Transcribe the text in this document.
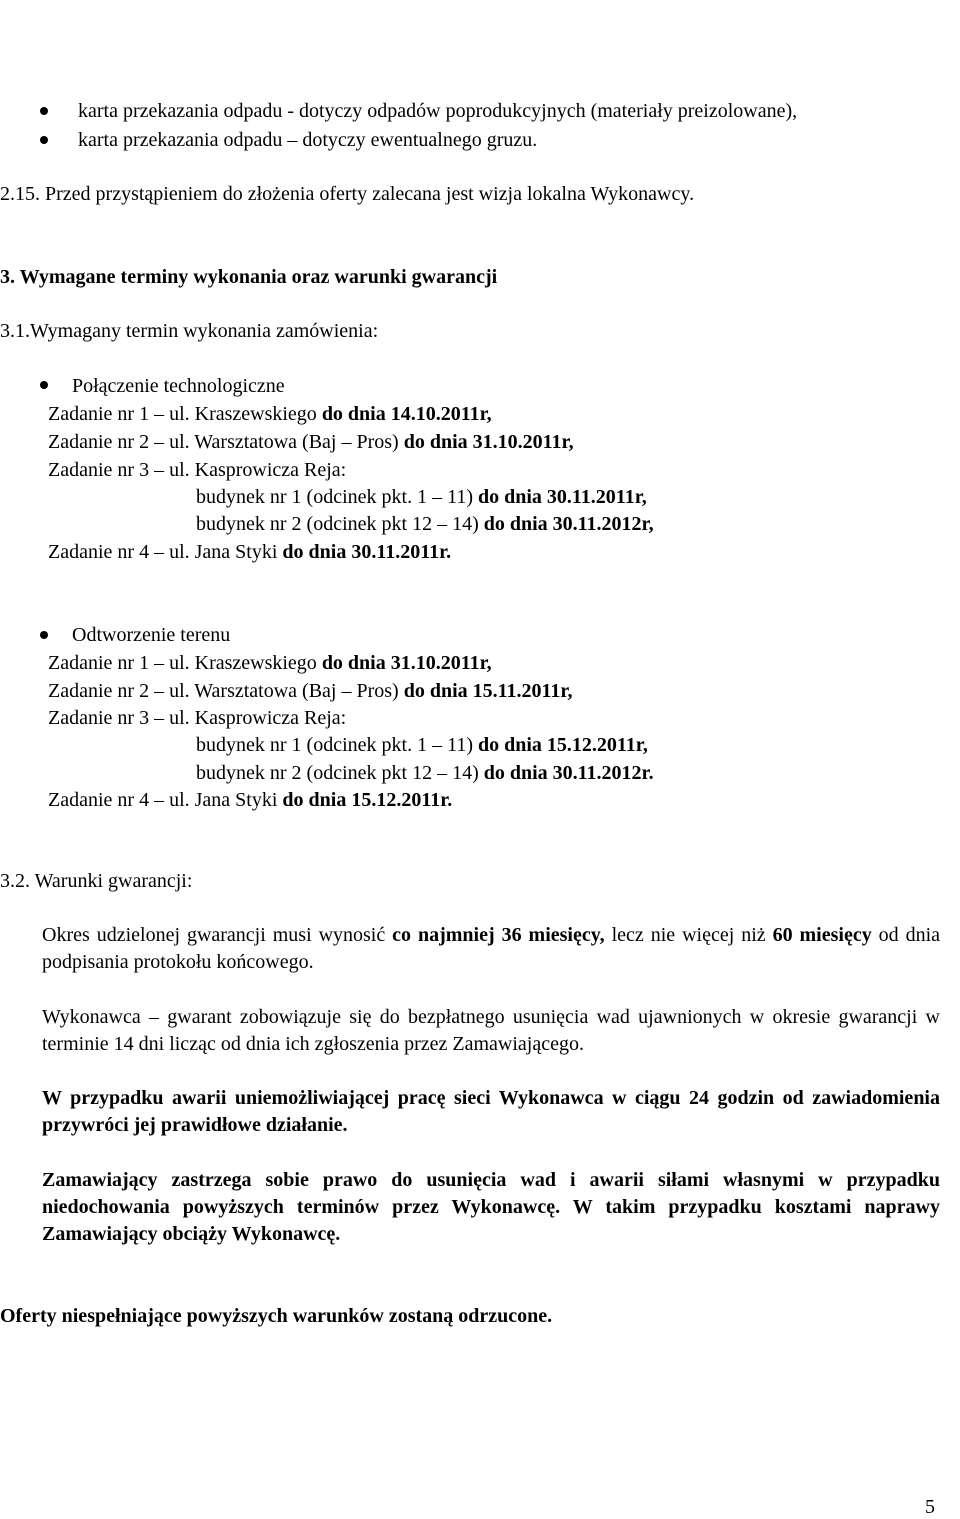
karta przekazania odpadu - dotyczy odpadów poprodukcyjnych (materiały preizolowane),
karta przekazania odpadu – dotyczy ewentualnego gruzu.
2.15. Przed przystąpieniem do złożenia oferty zalecana jest wizja lokalna Wykonawcy.
3. Wymagane terminy wykonania oraz warunki gwarancji
3.1.Wymagany termin wykonania zamówienia:
Połączenie technologiczne
Zadanie nr 1 – ul. Kraszewskiego do dnia 14.10.2011r,
Zadanie nr 2 – ul. Warsztatowa (Baj – Pros) do dnia 31.10.2011r,
Zadanie nr 3 – ul. Kasprowicza Reja:
budynek nr 1 (odcinek pkt. 1 – 11) do dnia 30.11.2011r,
budynek nr 2 (odcinek pkt 12 – 14) do dnia 30.11.2012r,
Zadanie nr 4 – ul. Jana Styki do dnia 30.11.2011r.
Odtworzenie terenu
Zadanie nr 1 – ul. Kraszewskiego do dnia 31.10.2011r,
Zadanie nr 2 – ul. Warsztatowa (Baj – Pros) do dnia 15.11.2011r,
Zadanie nr 3 – ul. Kasprowicza Reja:
budynek nr 1 (odcinek pkt. 1 – 11) do dnia 15.12.2011r,
budynek nr 2 (odcinek pkt 12 – 14) do dnia 30.11.2012r.
Zadanie nr 4 – ul. Jana Styki do dnia 15.12.2011r.
3.2. Warunki gwarancji:
Okres udzielonej gwarancji musi wynosić co najmniej 36 miesięcy, lecz nie więcej niż 60 miesięcy od dnia podpisania protokołu końcowego.
Wykonawca – gwarant zobowiązuje się do bezpłatnego usunięcia wad ujawnionych w okresie gwarancji w terminie 14 dni licząc od dnia ich zgłoszenia przez Zamawiającego.
W przypadku awarii uniemożliwiającej pracę sieci Wykonawca w ciągu 24 godzin od zawiadomienia przywróci jej prawidłowe działanie.
Zamawiający zastrzega sobie prawo do usunięcia wad i awarii siłami własnymi w przypadku niedochowania powyższych terminów przez Wykonawcę. W takim przypadku kosztami naprawy Zamawiający obciąży Wykonawcę.
Oferty niespełniające powyższych warunków zostaną odrzucone.
5
